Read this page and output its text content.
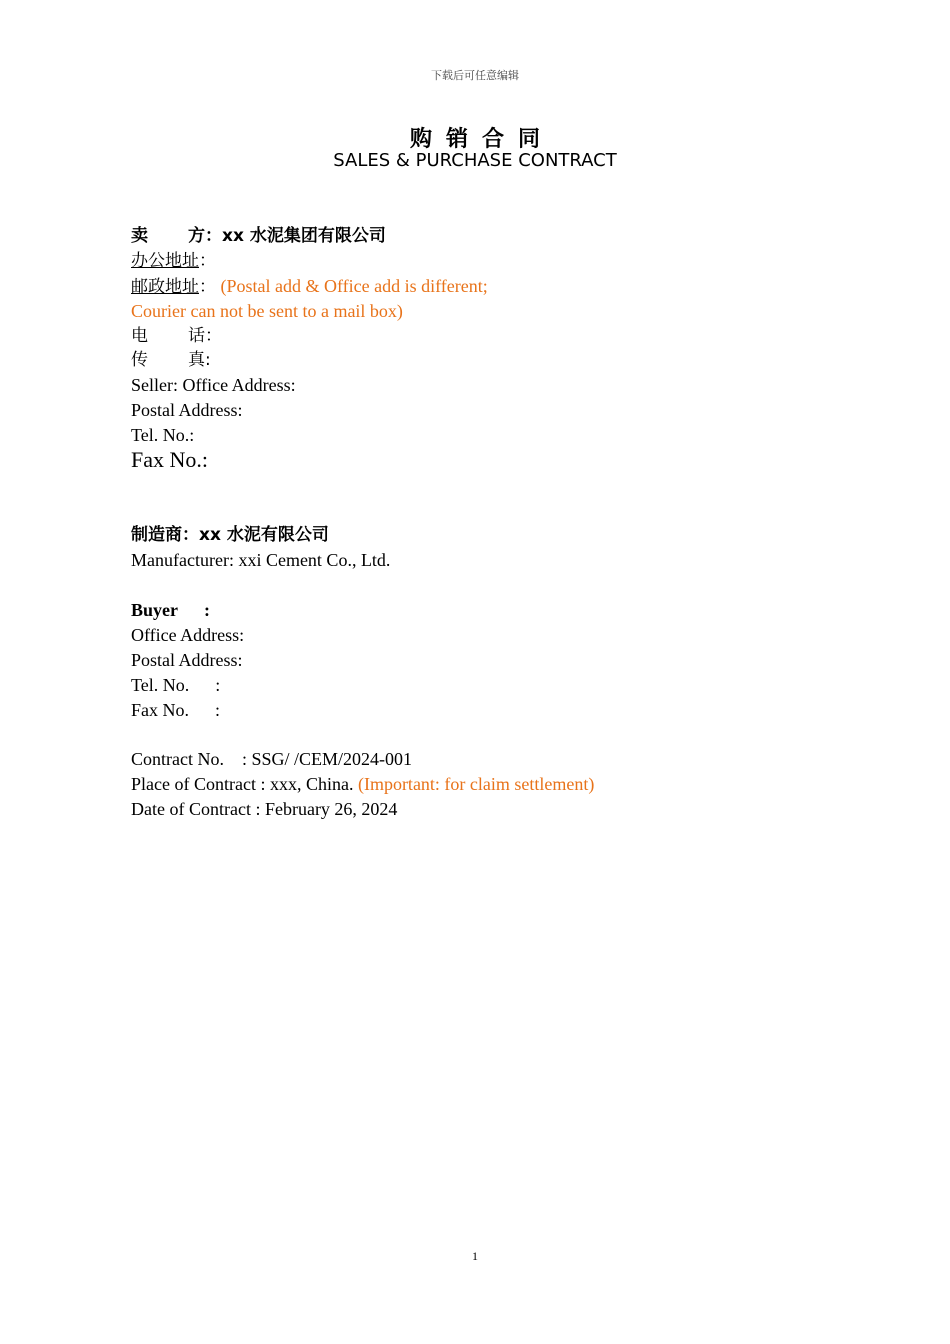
下载后可任意编辑
购销合同
SALES & PURCHASE CONTRACT
卖 方：xx 水泥集团有限公司
办公地址：
邮政地址： (Postal add & Office add is different;
Courier can not be sent to a mail box)
电 话：
传 真:
Seller: Office Address:
Postal Address:
Tel. No.:
Fax No.:
制造商：xx 水泥有限公司
Manufacturer: xxi Cement Co., Ltd.
Buyer :
Office Address:
Postal Address:
Tel. No. :
Fax No. :
Contract No. : SSG/ /CEM/2024-001
Place of Contract : xxx, China. (Important: for claim settlement)
Date of Contract : February 26, 2024
1
